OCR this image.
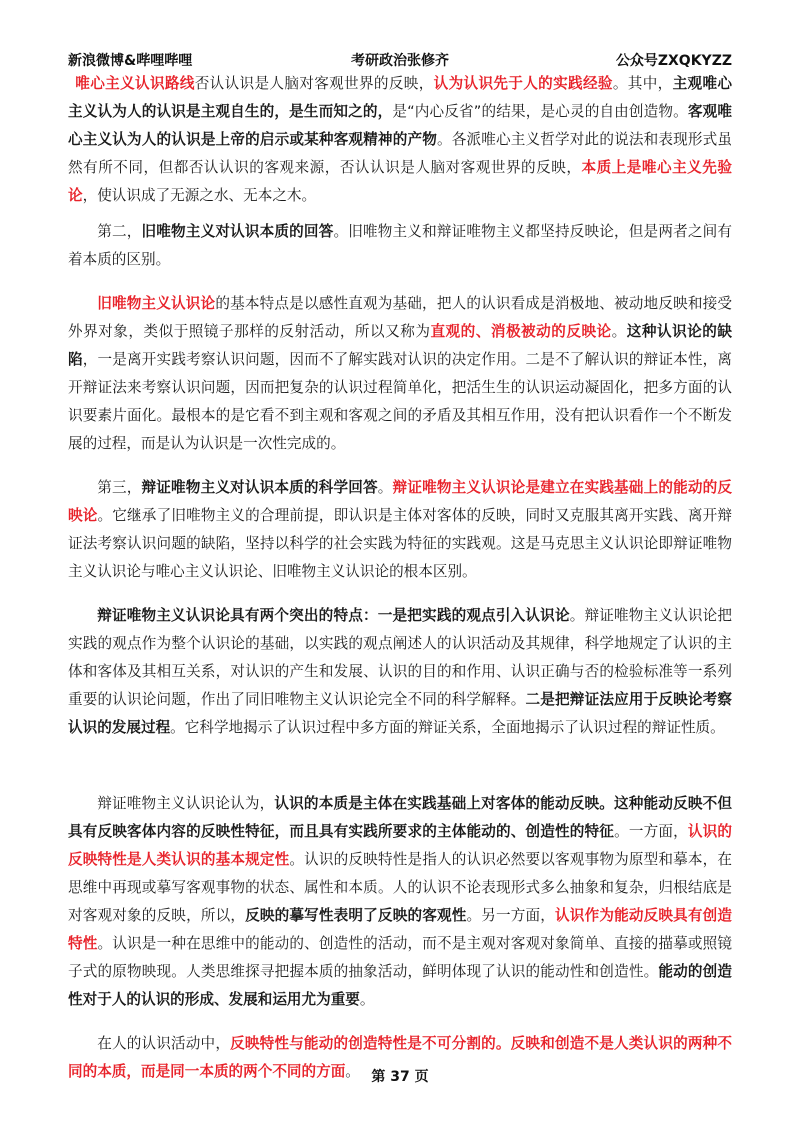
新浪微博&哔哩哔哩	考研政治张修齐	公众号ZXQKYZZ

唯心主义认识路线否认认识是人脑对客观世界的反映，认为认识先于人的实践经验。其中，主观唯心主义认为人的认识是主观自生的，是生而知之的，是“内心反省”的结果，是心灵的自由创造物。客观唯心主义认为人的认识是上帝的启示或某种客观精神的产物。各派唯心主义哲学对此的说法和表现形式虽然有所不同，但都否认认识的客观来源，否认认识是人脑对客观世界的反映，本质上是唯心主义先验论，使认识成了无源之水、无本之木。

第二，旧唯物主义对认识本质的回答。旧唯物主义和辩证唯物主义都坚持反映论，但是两者之间有着本质的区别。

旧唯物主义认识论的基本特点是以感性直观为基础，把人的认识看成是消极地、被动地反映和接受外界对象，类似于照镜子那样的反射活动，所以又称为直观的、消极被动的反映论。这种认识论的缺陷，一是离开实践考察认识问题，因而不了解实践对认识的决定作用。二是不了解认识的辩证本性，离开辩证法来考察认识问题，因而把复杂的认识过程简单化，把活生生的认识运动凝固化，把多方面的认识要素片面化。最根本的是它看不到主观和客观之间的矛盾及其相互作用，没有把认识看作一个不断发展的过程，而是认为认识是一次性完成的。

第三，辩证唯物主义对认识本质的科学回答。辩证唯物主义认识论是建立在实践基础上的能动的反映论。它继承了旧唯物主义的合理前提，即认识是主体对客体的反映，同时又克服其离开实践、离开辩证法考察认识问题的缺陷，坚持以科学的社会实践为特征的实践观。这是马克思主义认识论即辩证唯物主义认识论与唯心主义认识论、旧唯物主义认识论的根本区别。

辩证唯物主义认识论具有两个突出的特点：一是把实践的观点引入认识论。辩证唯物主义认识论把实践的观点作为整个认识论的基础，以实践的观点阐述人的认识活动及其规律，科学地规定了认识的主体和客体及其相互关系，对认识的产生和发展、认识的目的和作用、认识正确与否的检验标准等一系列重要的认识论问题，作出了同旧唯物主义认识论完全不同的科学解释。二是把辩证法应用于反映论考察认识的发展过程。它科学地揭示了认识过程中多方面的辩证关系，全面地揭示了认识过程的辩证性质。

辩证唯物主义认识论认为，认识的本质是主体在实践基础上对客体的能动反映。这种能动反映不但具有反映客体内容的反映性特征，而且具有实践所要求的主体能动的、创造性的特征。一方面，认识的反映特性是人类认识的基本规定性。认识的反映特性是指人的认识必然要以客观事物为原型和摹本，在思维中再现或摹写客观事物的状态、属性和本质。人的认识不论表现形式多么抽象和复杂，归根结底是对客观对象的反映，所以，反映的摹写性表明了反映的客观性。另一方面，认识作为能动反映具有创造特性。认识是一种在思维中的能动的、创造性的活动，而不是主观对客观对象简单、直接的描摹或照镜子式的原物映现。人类思维探寻把握本质的抽象活动，鲜明体现了认识的能动性和创造性。能动的创造性对于人的认识的形成、发展和运用尤为重要。

在人的认识活动中，反映特性与能动的创造特性是不可分割的。反映和创造不是人类认识的两种不同的本质，而是同一本质的两个不同的方面。 第 37 页
